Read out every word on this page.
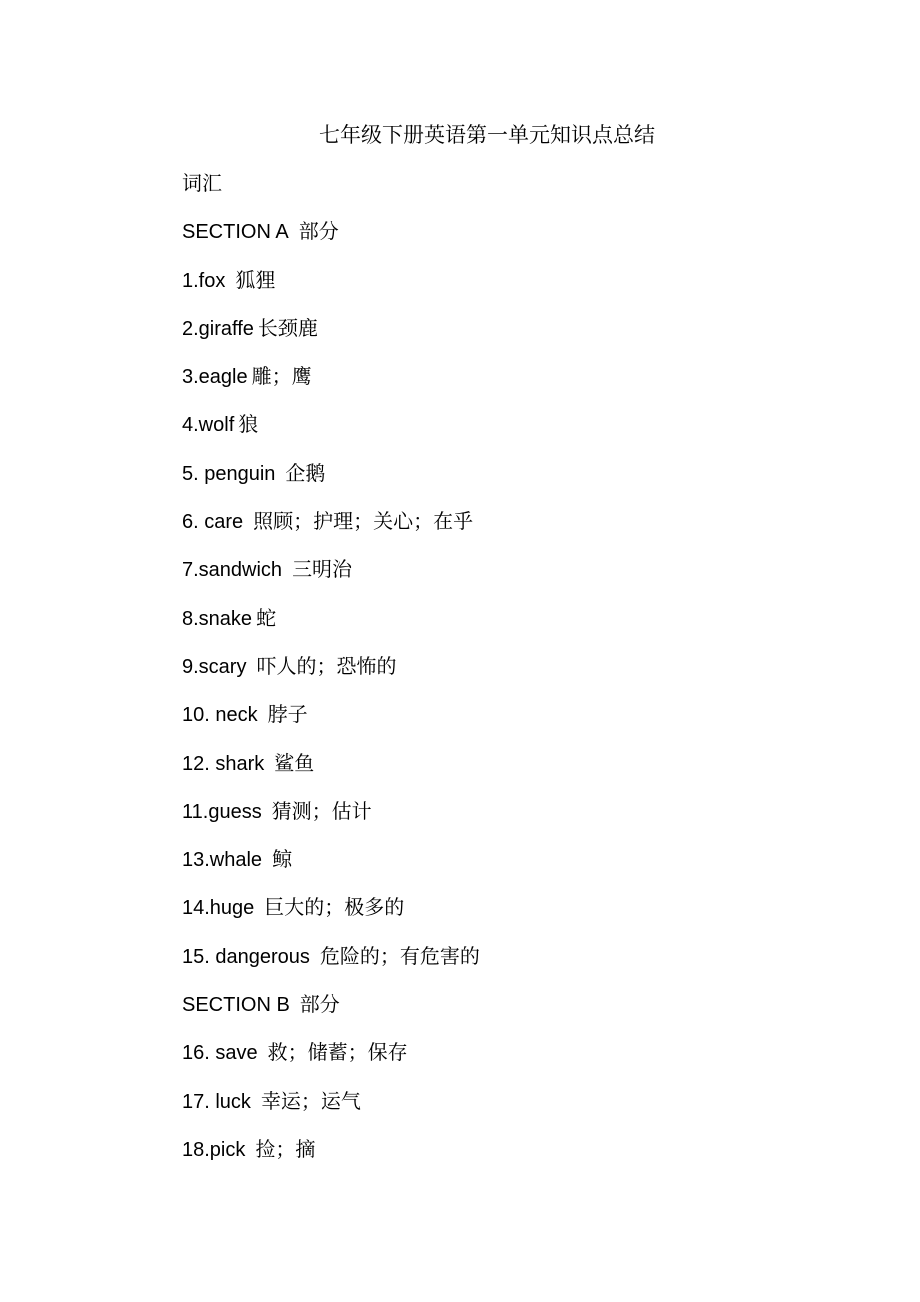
七年级下册英语第一单元知识点总结
词汇
SECTION A 部分
1.fox 狐狸
2.giraffe 长颈鹿
3.eagle 雕；鹰
4.wolf 狼
5. penguin 企鹅
6. care 照顾；护理；关心；在乎
7.sandwich 三明治
8.snake 蛇
9.scary 吓人的；恐怖的
10. neck 脖子
12. shark 鲨鱼
11.guess 猜测；估计
13.whale 鲸
14.huge 巨大的；极多的
15. dangerous 危险的；有危害的
SECTION B 部分
16. save 救；储蓄；保存
17. luck 幸运；运气
18.pick 捡；摘
